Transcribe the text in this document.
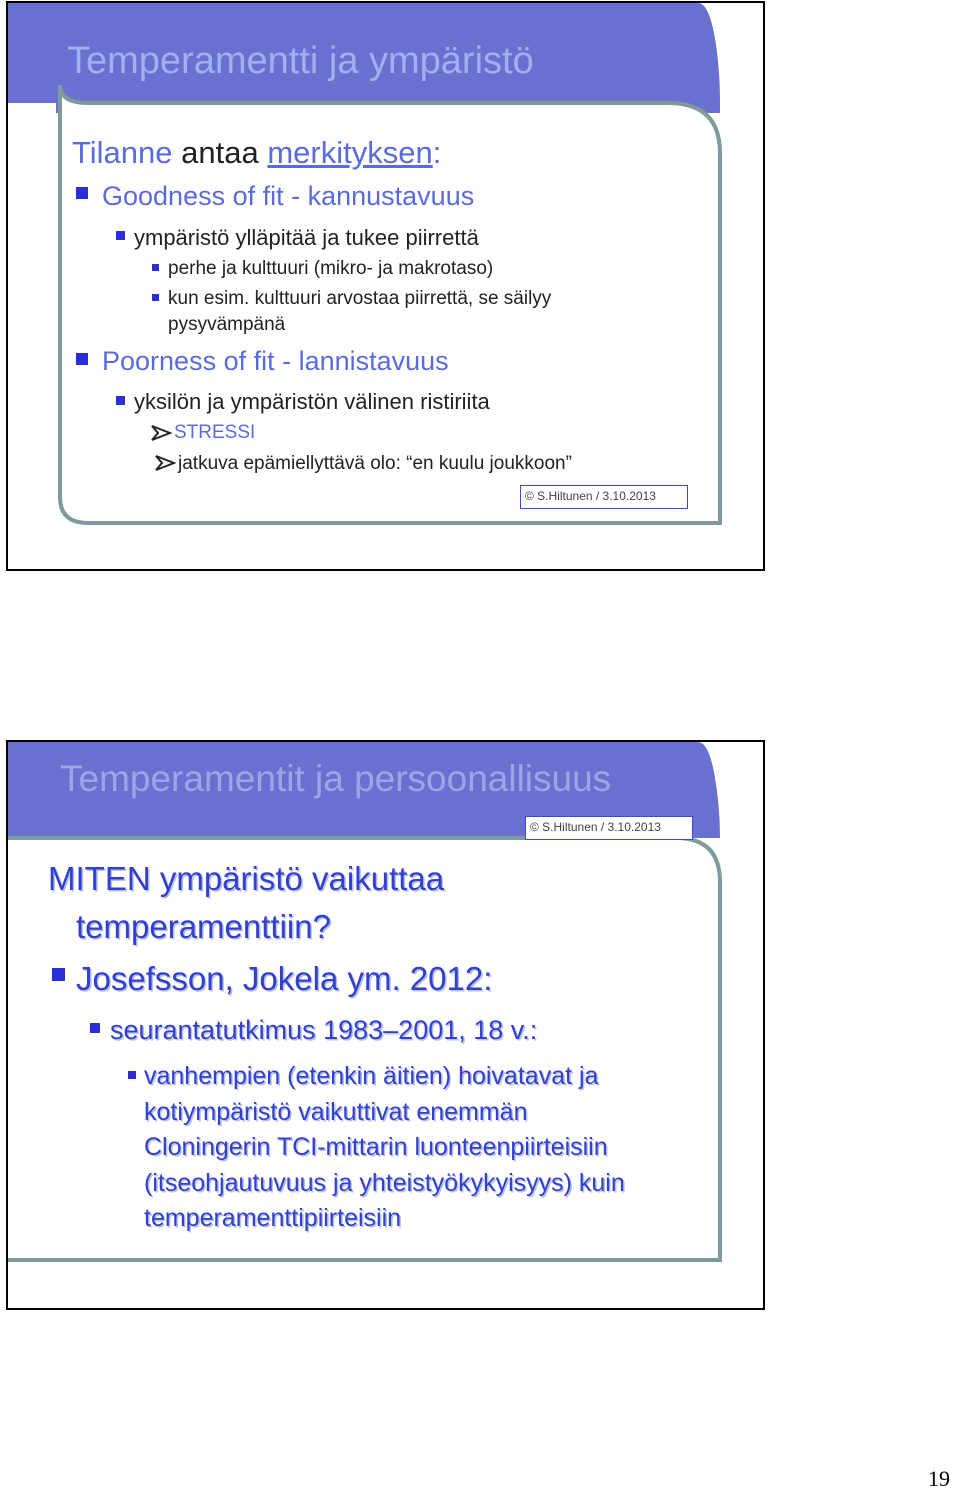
Temperamentti ja ympäristö
Tilanne antaa merkityksen:
Goodness of fit - kannustavuus
ympäristö ylläpitää ja tukee piirrettä
perhe ja kulttuuri (mikro- ja makrotaso)
kun esim. kulttuuri arvostaa piirrettä, se säilyy
pysyvämpänä
Poorness of fit - lannistavuus
yksilön ja ympäristön välinen ristiriita
STRESSI
jatkuva epämiellyttävä olo: “en kuulu joukkoon”
© S.Hiltunen / 3.10.2013
Temperamentit ja persoonallisuus
© S.Hiltunen / 3.10.2013
MITEN ympäristö vaikuttaa
temperamenttiin?
Josefsson, Jokela ym. 2012:
seurantatutkimus 1983–2001, 18 v.:
vanhempien (etenkin äitien) hoivatavat ja
kotiympäristö vaikuttivat enemmän
Cloningerin TCI-mittarin luonteenpiirteisiin
(itseohjautuvuus ja yhteistyökykyisyys) kuin
temperamenttipiirteisiin
19
